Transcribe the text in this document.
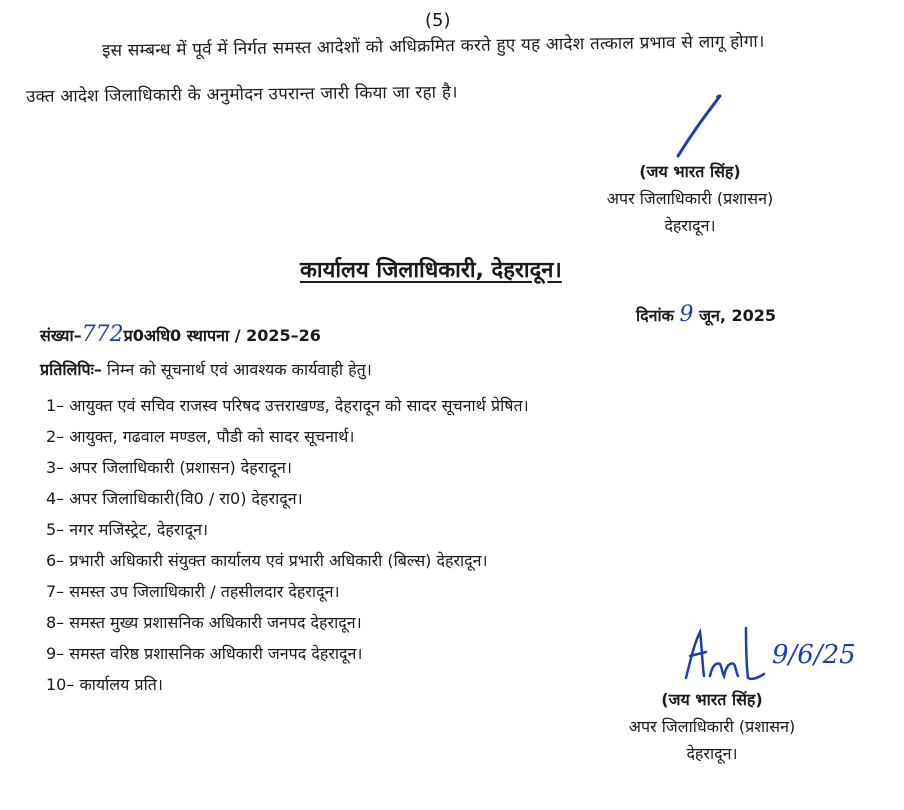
(5)
इस सम्बन्ध में पूर्व में निर्गत समस्त आदेशों को अधिक्रमित करते हुए यह आदेश तत्काल प्रभाव से लागू होगा।
उक्त आदेश जिलाधिकारी के अनुमोदन उपरान्त जारी किया जा रहा है।
(जय भारत सिंह)
अपर जिलाधिकारी (प्रशासन)
देहरादून।
कार्यालय जिलाधिकारी, देहरादून।
दिनांक 9 जून, 2025
संख्या–772प्र0अधि0 स्थापना / 2025–26
प्रतिलिपिः– निम्न को सूचनार्थ एवं आवश्यक कार्यवाही हेतु।
1– आयुक्त एवं सचिव राजस्व परिषद उत्तराखण्ड, देहरादून को सादर सूचनार्थ प्रेषित।
2– आयुक्त, गढवाल मण्डल, पौडी को सादर सूचनार्थ।
3– अपर जिलाधिकारी (प्रशासन) देहरादून।
4– अपर जिलाधिकारी(वि0 / रा0) देहरादून।
5– नगर मजिस्ट्रेट, देहरादून।
6– प्रभारी अधिकारी संयुक्त कार्यालय एवं प्रभारी अधिकारी (बिल्स) देहरादून।
7– समस्त उप जिलाधिकारी / तहसीलदार देहरादून।
8– समस्त मुख्य प्रशासनिक अधिकारी जनपद देहरादून।
9– समस्त वरिष्ठ प्रशासनिक अधिकारी जनपद देहरादून।
10– कार्यालय प्रति।
9/6/25
(जय भारत सिंह)
अपर जिलाधिकारी (प्रशासन)
देहरादून।
